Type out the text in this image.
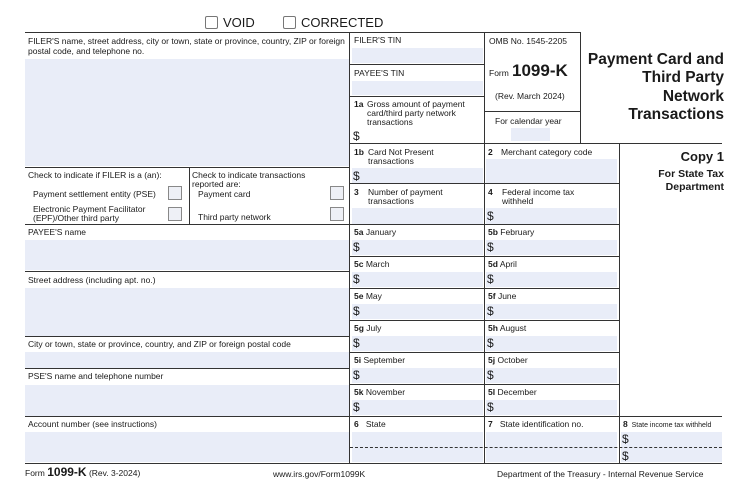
VOID	CORRECTED
FILER'S name, street address, city or town, state or province, country, ZIP or foreign postal code, and telephone no.
Check to indicate if FILER is a (an):
Payment settlement entity (PSE)
Electronic Payment Facilitator
(EPF)/Other third party
Check to indicate transactions
reported are:
Payment card
Third party network
PAYEE'S name
Street address (including apt. no.)
City or town, state or province, country, and ZIP or foreign postal code
PSE'S name and telephone number
Account number (see instructions)
FILER'S TIN
PAYEE'S TIN
1a Gross amount of payment
card/third party network
transactions
$
OMB No. 1545-2205
Form 1099-K
(Rev. March 2024)
For calendar year
Payment Card and
Third Party
Network
Transactions
Copy 1
For State Tax
Department
1b Card Not Present
transactions
$
2 Merchant category code
3 Number of payment
transactions
4 Federal income tax
withheld
$
5a January
$
5b February
$
5c March
$
5d April
$
5e May
$
5f June
$
5g July
$
5h August
$
5i September
$
5j October
$
5k November
$
5l December
$
6 State	7 State identification no.	8 State income tax withheld
$
$
Form 1099-K (Rev. 3-2024)	www.irs.gov/Form1099K	Department of the Treasury - Internal Revenue Service
